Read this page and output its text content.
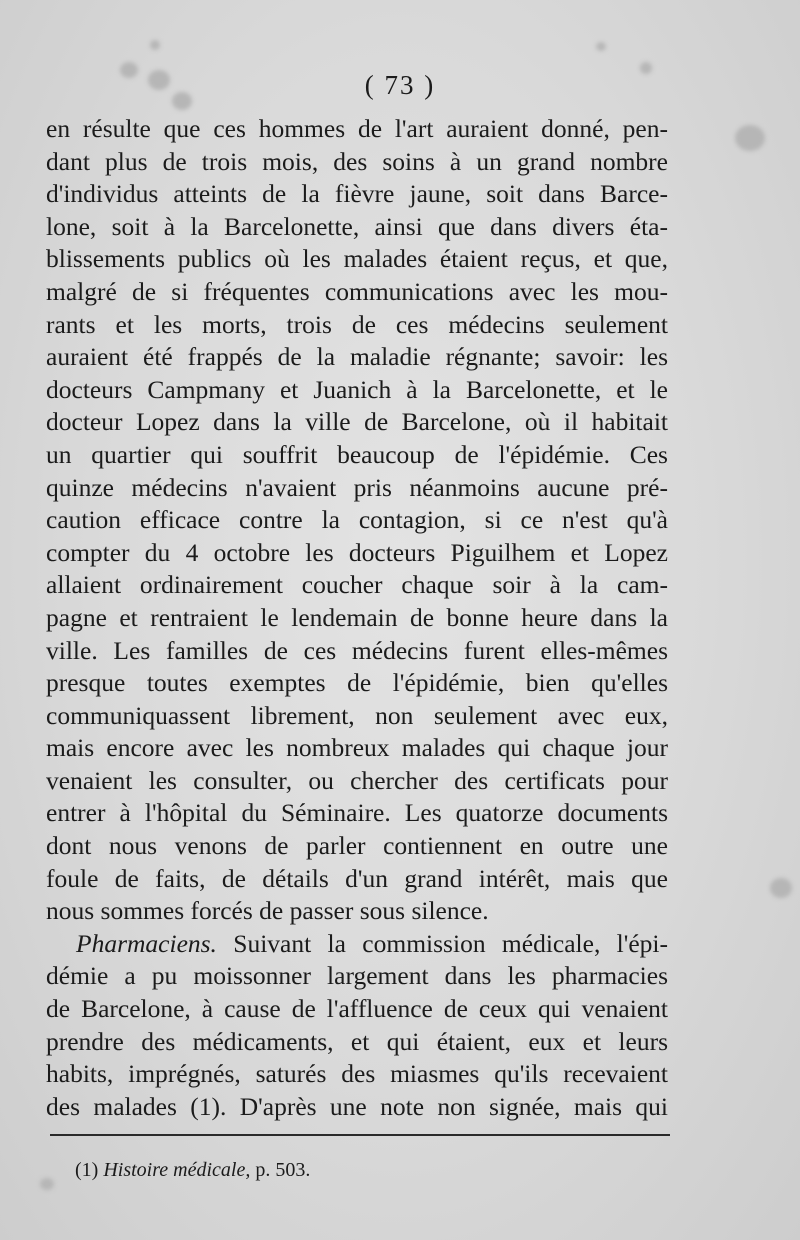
( 73 )
en résulte que ces hommes de l'art auraient donné, pen-
dant plus de trois mois, des soins à un grand nombre
d'individus atteints de la fièvre jaune, soit dans Barce-
lone, soit à la Barcelonette, ainsi que dans divers éta-
blissements publics où les malades étaient reçus, et que,
malgré de si fréquentes communications avec les mou-
rants et les morts, trois de ces médecins seulement
auraient été frappés de la maladie régnante; savoir: les
docteurs Campmany et Juanich à la Barcelonette, et le
docteur Lopez dans la ville de Barcelone, où il habitait
un quartier qui souffrit beaucoup de l'épidémie. Ces
quinze médecins n'avaient pris néanmoins aucune pré-
caution efficace contre la contagion, si ce n'est qu'à
compter du 4 octobre les docteurs Piguilhem et Lopez
allaient ordinairement coucher chaque soir à la cam-
pagne et rentraient le lendemain de bonne heure dans la
ville. Les familles de ces médecins furent elles-mêmes
presque toutes exemptes de l'épidémie, bien qu'elles
communiquassent librement, non seulement avec eux,
mais encore avec les nombreux malades qui chaque jour
venaient les consulter, ou chercher des certificats pour
entrer à l'hôpital du Séminaire. Les quatorze documents
dont nous venons de parler contiennent en outre une
foule de faits, de détails d'un grand intérêt, mais que
nous sommes forcés de passer sous silence.
Pharmaciens. Suivant la commission médicale, l'épi-
démie a pu moissonner largement dans les pharmacies
de Barcelone, à cause de l'affluence de ceux qui venaient
prendre des médicaments, et qui étaient, eux et leurs
habits, imprégnés, saturés des miasmes qu'ils recevaient
des malades (1). D'après une note non signée, mais qui
(1) Histoire médicale, p. 503.
